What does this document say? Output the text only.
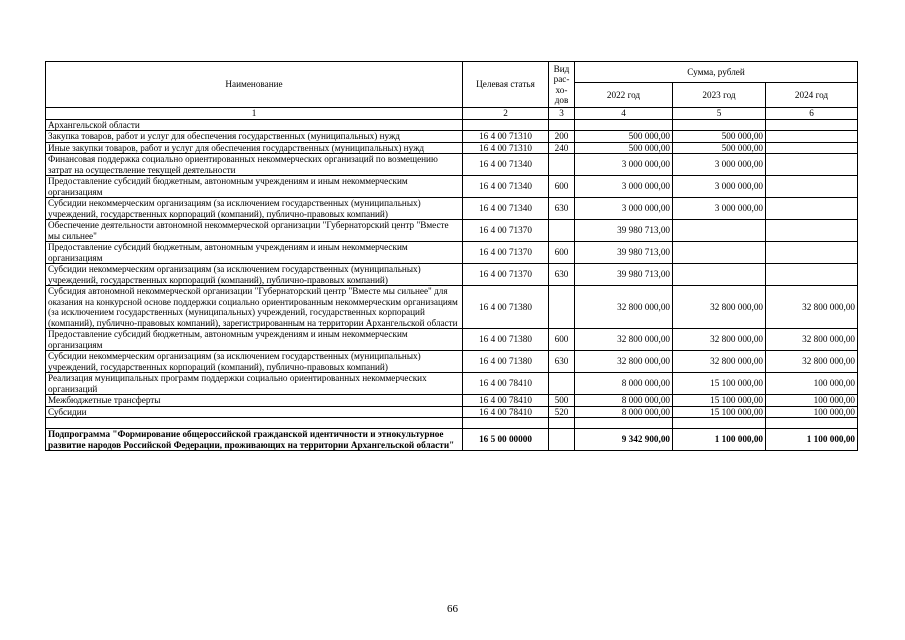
Наименование	Целевая статья	Вид рас-хо-дов	Сумма, рублей		
			2022 год	2023 год	2024 год
1	2	3	4	5	6
Архангельской области					
Закупка товаров, работ и услуг для обеспечения государственных (муниципальных) нужд	16 4 00 71310	200	500 000,00	500 000,00	
Иные закупки товаров, работ и услуг для обеспечения государственных (муниципальных) нужд	16 4 00 71310	240	500 000,00	500 000,00	
Финансовая поддержка социально ориентированных некоммерческих организаций по возмещению затрат на осуществление текущей деятельности	16 4 00 71340		3 000 000,00	3 000 000,00	
Предоставление субсидий бюджетным, автономным учреждениям и иным некоммерческим организациям	16 4 00 71340	600	3 000 000,00	3 000 000,00	
Субсидии некоммерческим организациям (за исключением государственных (муниципальных) учреждений, государственных корпораций (компаний), публично-правовых компаний)	16 4 00 71340	630	3 000 000,00	3 000 000,00	
Обеспечение деятельности автономной некоммерческой организации "Губернаторский центр "Вместе мы сильнее"	16 4 00 71370		39 980 713,00		
Предоставление субсидий бюджетным, автономным учреждениям и иным некоммерческим организациям	16 4 00 71370	600	39 980 713,00		
Субсидии некоммерческим организациям (за исключением государственных (муниципальных) учреждений, государственных корпораций (компаний), публично-правовых компаний)	16 4 00 71370	630	39 980 713,00		
Субсидия автономной некоммерческой организации "Губернаторский центр "Вместе мы сильнее" для оказания на конкурсной основе поддержки социально ориентированным некоммерческим организациям (за исключением государственных (муниципальных) учреждений, государственных корпораций (компаний), публично-правовых компаний), зарегистрированным на территории Архангельской области	16 4 00 71380		32 800 000,00	32 800 000,00	32 800 000,00
Предоставление субсидий бюджетным, автономным учреждениям и иным некоммерческим организациям	16 4 00 71380	600	32 800 000,00	32 800 000,00	32 800 000,00
Субсидии некоммерческим организациям (за исключением государственных (муниципальных) учреждений, государственных корпораций (компаний), публично-правовых компаний)	16 4 00 71380	630	32 800 000,00	32 800 000,00	32 800 000,00
Реализация муниципальных программ поддержки социально ориентированных некоммерческих организаций	16 4 00 78410		8 000 000,00	15 100 000,00	100 000,00
Межбюджетные трансферты	16 4 00 78410	500	8 000 000,00	15 100 000,00	100 000,00
Субсидии	16 4 00 78410	520	8 000 000,00	15 100 000,00	100 000,00

Подпрограмма "Формирование общероссийской гражданской идентичности и этнокультурное развитие народов Российской Федерации, проживающих на территории Архангельской области"	16 5 00 00000		9 342 900,00	1 100 000,00	1 100 000,00
66
